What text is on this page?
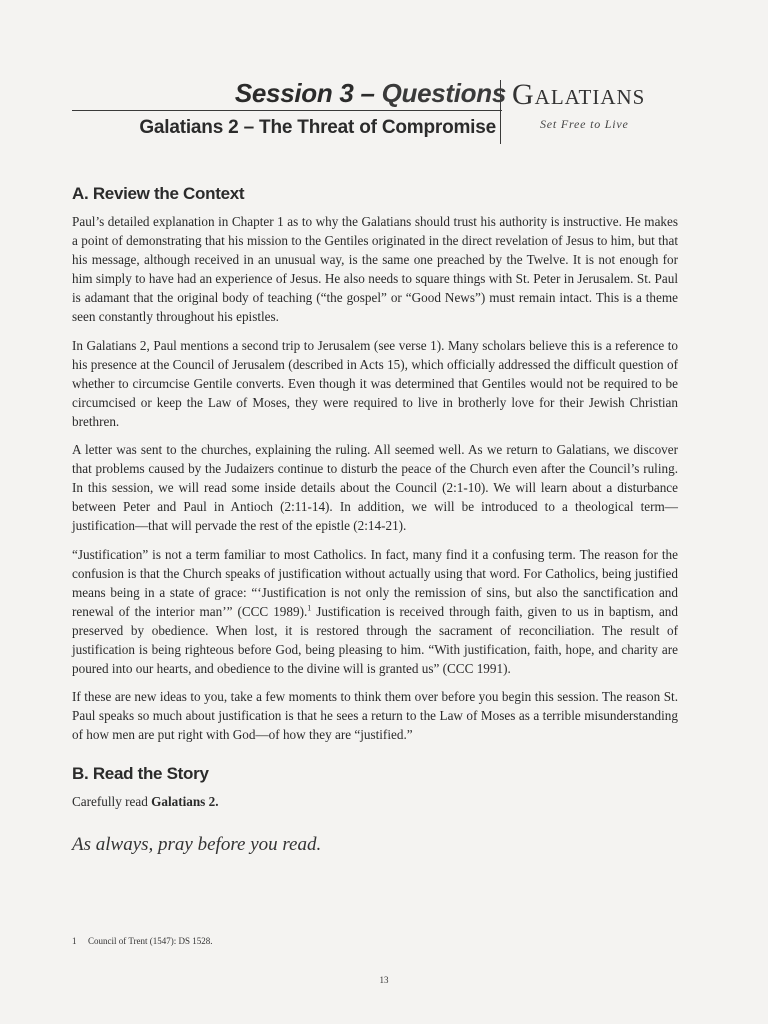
Session 3 – Questions
Galatians 2 – The Threat of Compromise
Galatians
Set Free to Live
A. Review the Context

Paul’s detailed explanation in Chapter 1 as to why the Galatians should trust his authority is instructive. He makes a point of demonstrating that his mission to the Gentiles originated in the direct revelation of Jesus to him, but that his message, although received in an unusual way, is the same one preached by the Twelve. It is not enough for him simply to have had an experience of Jesus. He also needs to square things with St. Peter in Jerusalem. St. Paul is adamant that the original body of teaching (“the gospel” or “Good News”) must remain intact. This is a theme seen constantly throughout his epistles.

In Galatians 2, Paul mentions a second trip to Jerusalem (see verse 1). Many scholars believe this is a reference to his presence at the Council of Jerusalem (described in Acts 15), which officially addressed the difficult question of whether to circumcise Gentile converts. Even though it was determined that Gentiles would not be required to be circumcised or keep the Law of Moses, they were required to live in brotherly love for their Jewish Christian brethren.

A letter was sent to the churches, explaining the ruling. All seemed well. As we return to Galatians, we discover that problems caused by the Judaizers continue to disturb the peace of the Church even after the Council’s ruling. In this session, we will read some inside details about the Council (2:1-10). We will learn about a disturbance between Peter and Paul in Antioch (2:11-14). In addition, we will be introduced to a theological term—justification—that will pervade the rest of the epistle (2:14-21).

“Justification” is not a term familiar to most Catholics. In fact, many find it a confusing term. The reason for the confusion is that the Church speaks of justification without actually using that word. For Catholics, being justified means being in a state of grace: “‘Justification is not only the remission of sins, but also the sanctification and renewal of the interior man’” (CCC 1989).$^1$ Justification is received through faith, given to us in baptism, and preserved by obedience. When lost, it is restored through the sacrament of reconciliation. The result of justification is being righteous before God, being pleasing to him. “With justification, faith, hope, and charity are poured into our hearts, and obedience to the divine will is granted us” (CCC 1991).

If these are new ideas to you, take a few moments to think them over before you begin this session. The reason St. Paul speaks so much about justification is that he sees a return to the Law of Moses as a terrible misunderstanding of how men are put right with God—of how they are “justified.”

B. Read the Story

Carefully read Galatians 2.

As always, pray before you read.
1 Council of Trent (1547): DS 1528.
13
